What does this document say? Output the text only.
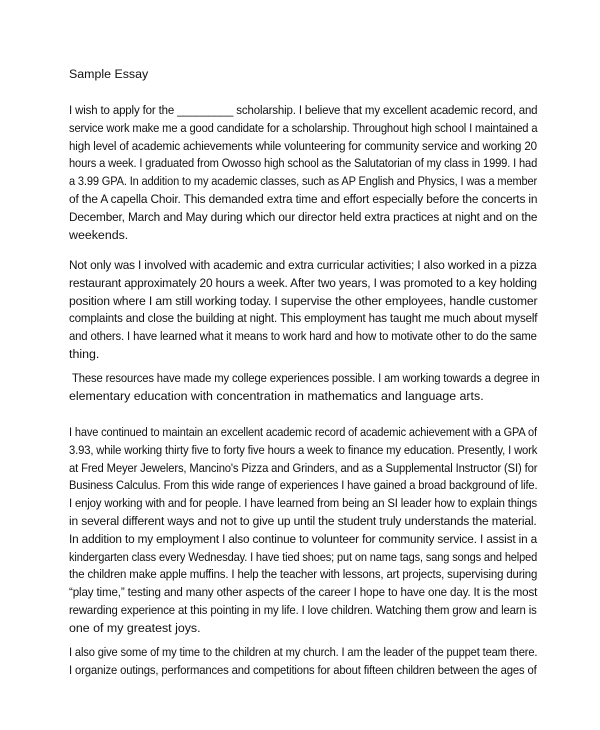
Sample Essay
I wish to apply for the _________ scholarship. I believe that my excellent academic record, and
service work make me a good candidate for a scholarship. Throughout high school I maintained a
high level of academic achievements while volunteering for community service and working 20
hours a week. I graduated from Owosso high school as the Salutatorian of my class in 1999. I had
a 3.99 GPA. In addition to my academic classes, such as AP English and Physics, I was a member
of the A capella Choir. This demanded extra time and effort especially before the concerts in
December, March and May during which our director held extra practices at night and on the
weekends.
Not only was I involved with academic and extra curricular activities; I also worked in a pizza
restaurant approximately 20 hours a week. After two years, I was promoted to a key holding
position where I am still working today. I supervise the other employees, handle customer
complaints and close the building at night. This employment has taught me much about myself
and others. I have learned what it means to work hard and how to motivate other to do the same
thing.
These resources have made my college experiences possible. I am working towards a degree in
elementary education with concentration in mathematics and language arts.
I have continued to maintain an excellent academic record of academic achievement with a GPA of
3.93, while working thirty five to forty five hours a week to finance my education. Presently, I work
at Fred Meyer Jewelers, Mancino's Pizza and Grinders, and as a Supplemental Instructor (SI) for
Business Calculus. From this wide range of experiences I have gained a broad background of life.
I enjoy working with and for people. I have learned from being an SI leader how to explain things
in several different ways and not to give up until the student truly understands the material.
In addition to my employment I also continue to volunteer for community service. I assist in a
kindergarten class every Wednesday. I have tied shoes; put on name tags, sang songs and helped
the children make apple muffins. I help the teacher with lessons, art projects, supervising during
“play time,” testing and many other aspects of the career I hope to have one day. It is the most
rewarding experience at this pointing in my life. I love children. Watching them grow and learn is
one of my greatest joys.
I also give some of my time to the children at my church. I am the leader of the puppet team there.
I organize outings, performances and competitions for about fifteen children between the ages of
